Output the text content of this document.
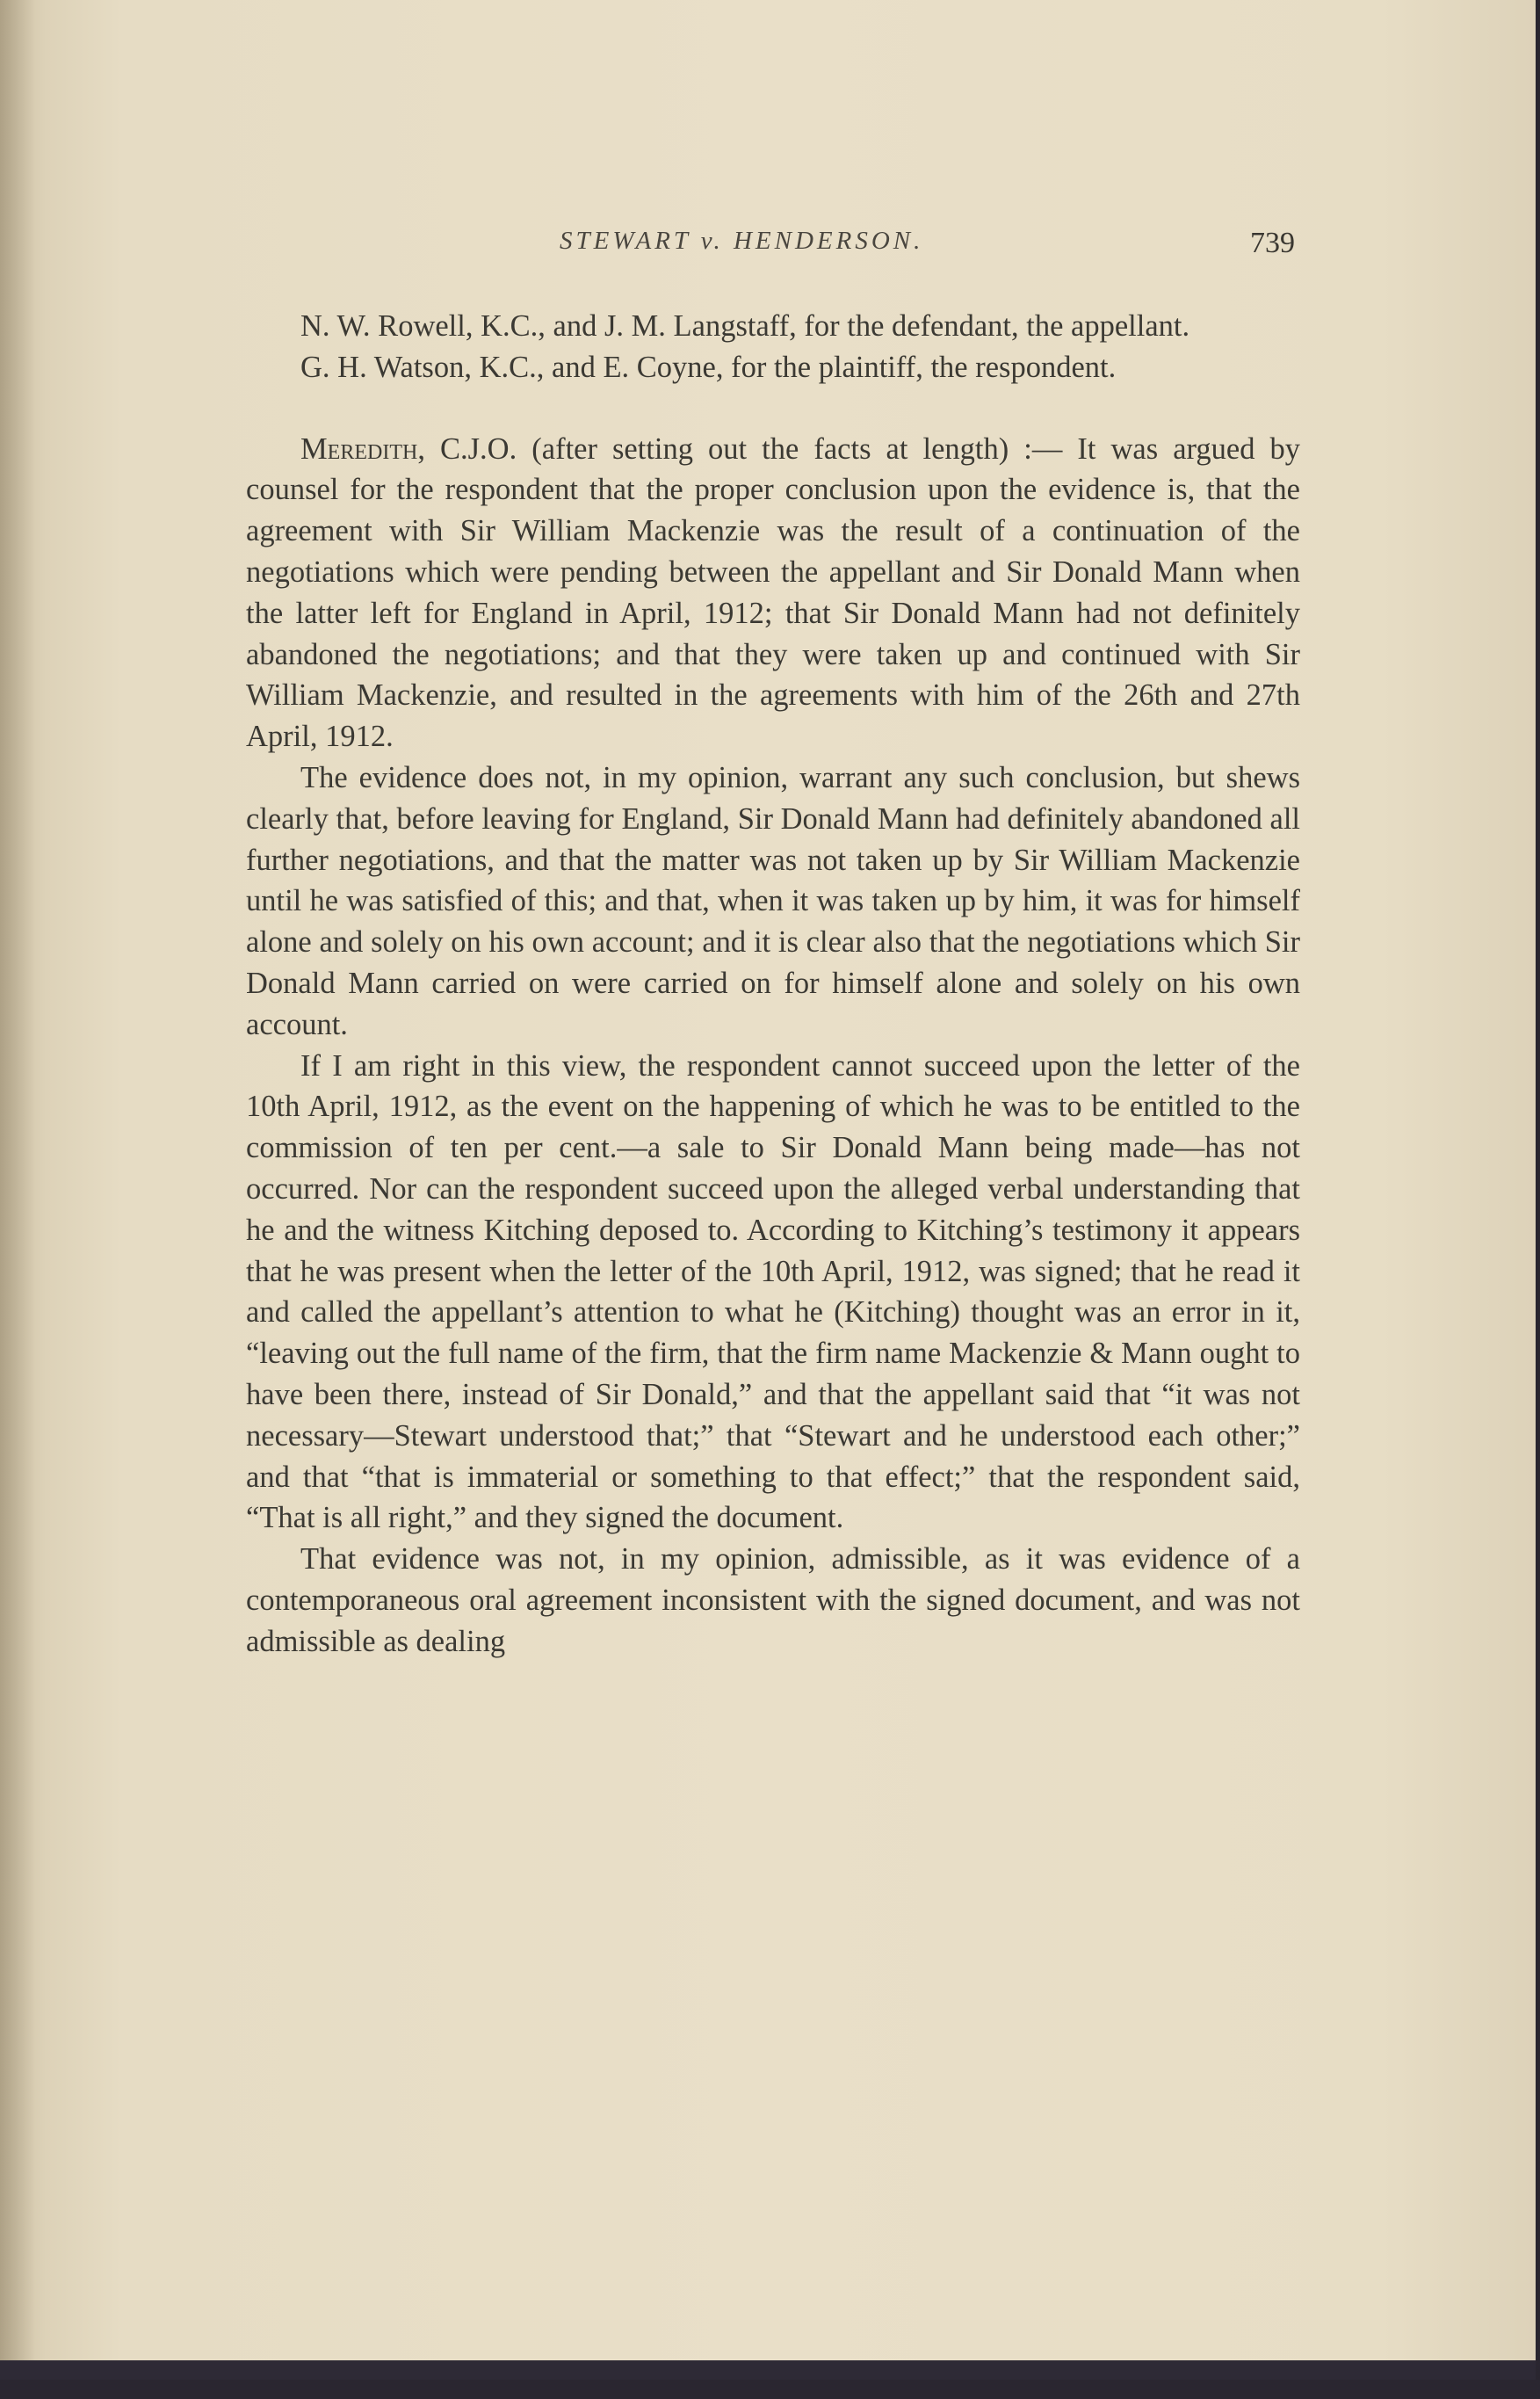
STEWART v. HENDERSON.	739

N. W. Rowell, K.C., and J. M. Langstaff, for the defendant, the appellant.

G. H. Watson, K.C., and E. Coyne, for the plaintiff, the respondent.

Meredith, C.J.O. (after setting out the facts at length) :— It was argued by counsel for the respondent that the proper conclusion upon the evidence is, that the agreement with Sir William Mackenzie was the result of a continuation of the negotiations which were pending between the appellant and Sir Donald Mann when the latter left for England in April, 1912; that Sir Donald Mann had not definitely abandoned the negotiations; and that they were taken up and continued with Sir William Mackenzie, and resulted in the agreements with him of the 26th and 27th April, 1912.

The evidence does not, in my opinion, warrant any such conclusion, but shews clearly that, before leaving for England, Sir Donald Mann had definitely abandoned all further negotiations, and that the matter was not taken up by Sir William Mackenzie until he was satisfied of this; and that, when it was taken up by him, it was for himself alone and solely on his own account; and it is clear also that the negotiations which Sir Donald Mann carried on were carried on for himself alone and solely on his own account.

If I am right in this view, the respondent cannot succeed upon the letter of the 10th April, 1912, as the event on the happening of which he was to be entitled to the commission of ten per cent.—a sale to Sir Donald Mann being made—has not occurred. Nor can the respondent succeed upon the alleged verbal understanding that he and the witness Kitching deposed to. According to Kitching’s testimony it appears that he was present when the letter of the 10th April, 1912, was signed; that he read it and called the appellant’s attention to what he (Kitching) thought was an error in it, “leaving out the full name of the firm, that the firm name Mackenzie & Mann ought to have been there, instead of Sir Donald,” and that the appellant said that “it was not necessary—Stewart understood that;” that “Stewart and he understood each other;” and that “that is immaterial or something to that effect;” that the respondent said, “That is all right,” and they signed the document.

That evidence was not, in my opinion, admissible, as it was evidence of a contemporaneous oral agreement inconsistent with the signed document, and was not admissible as dealing
